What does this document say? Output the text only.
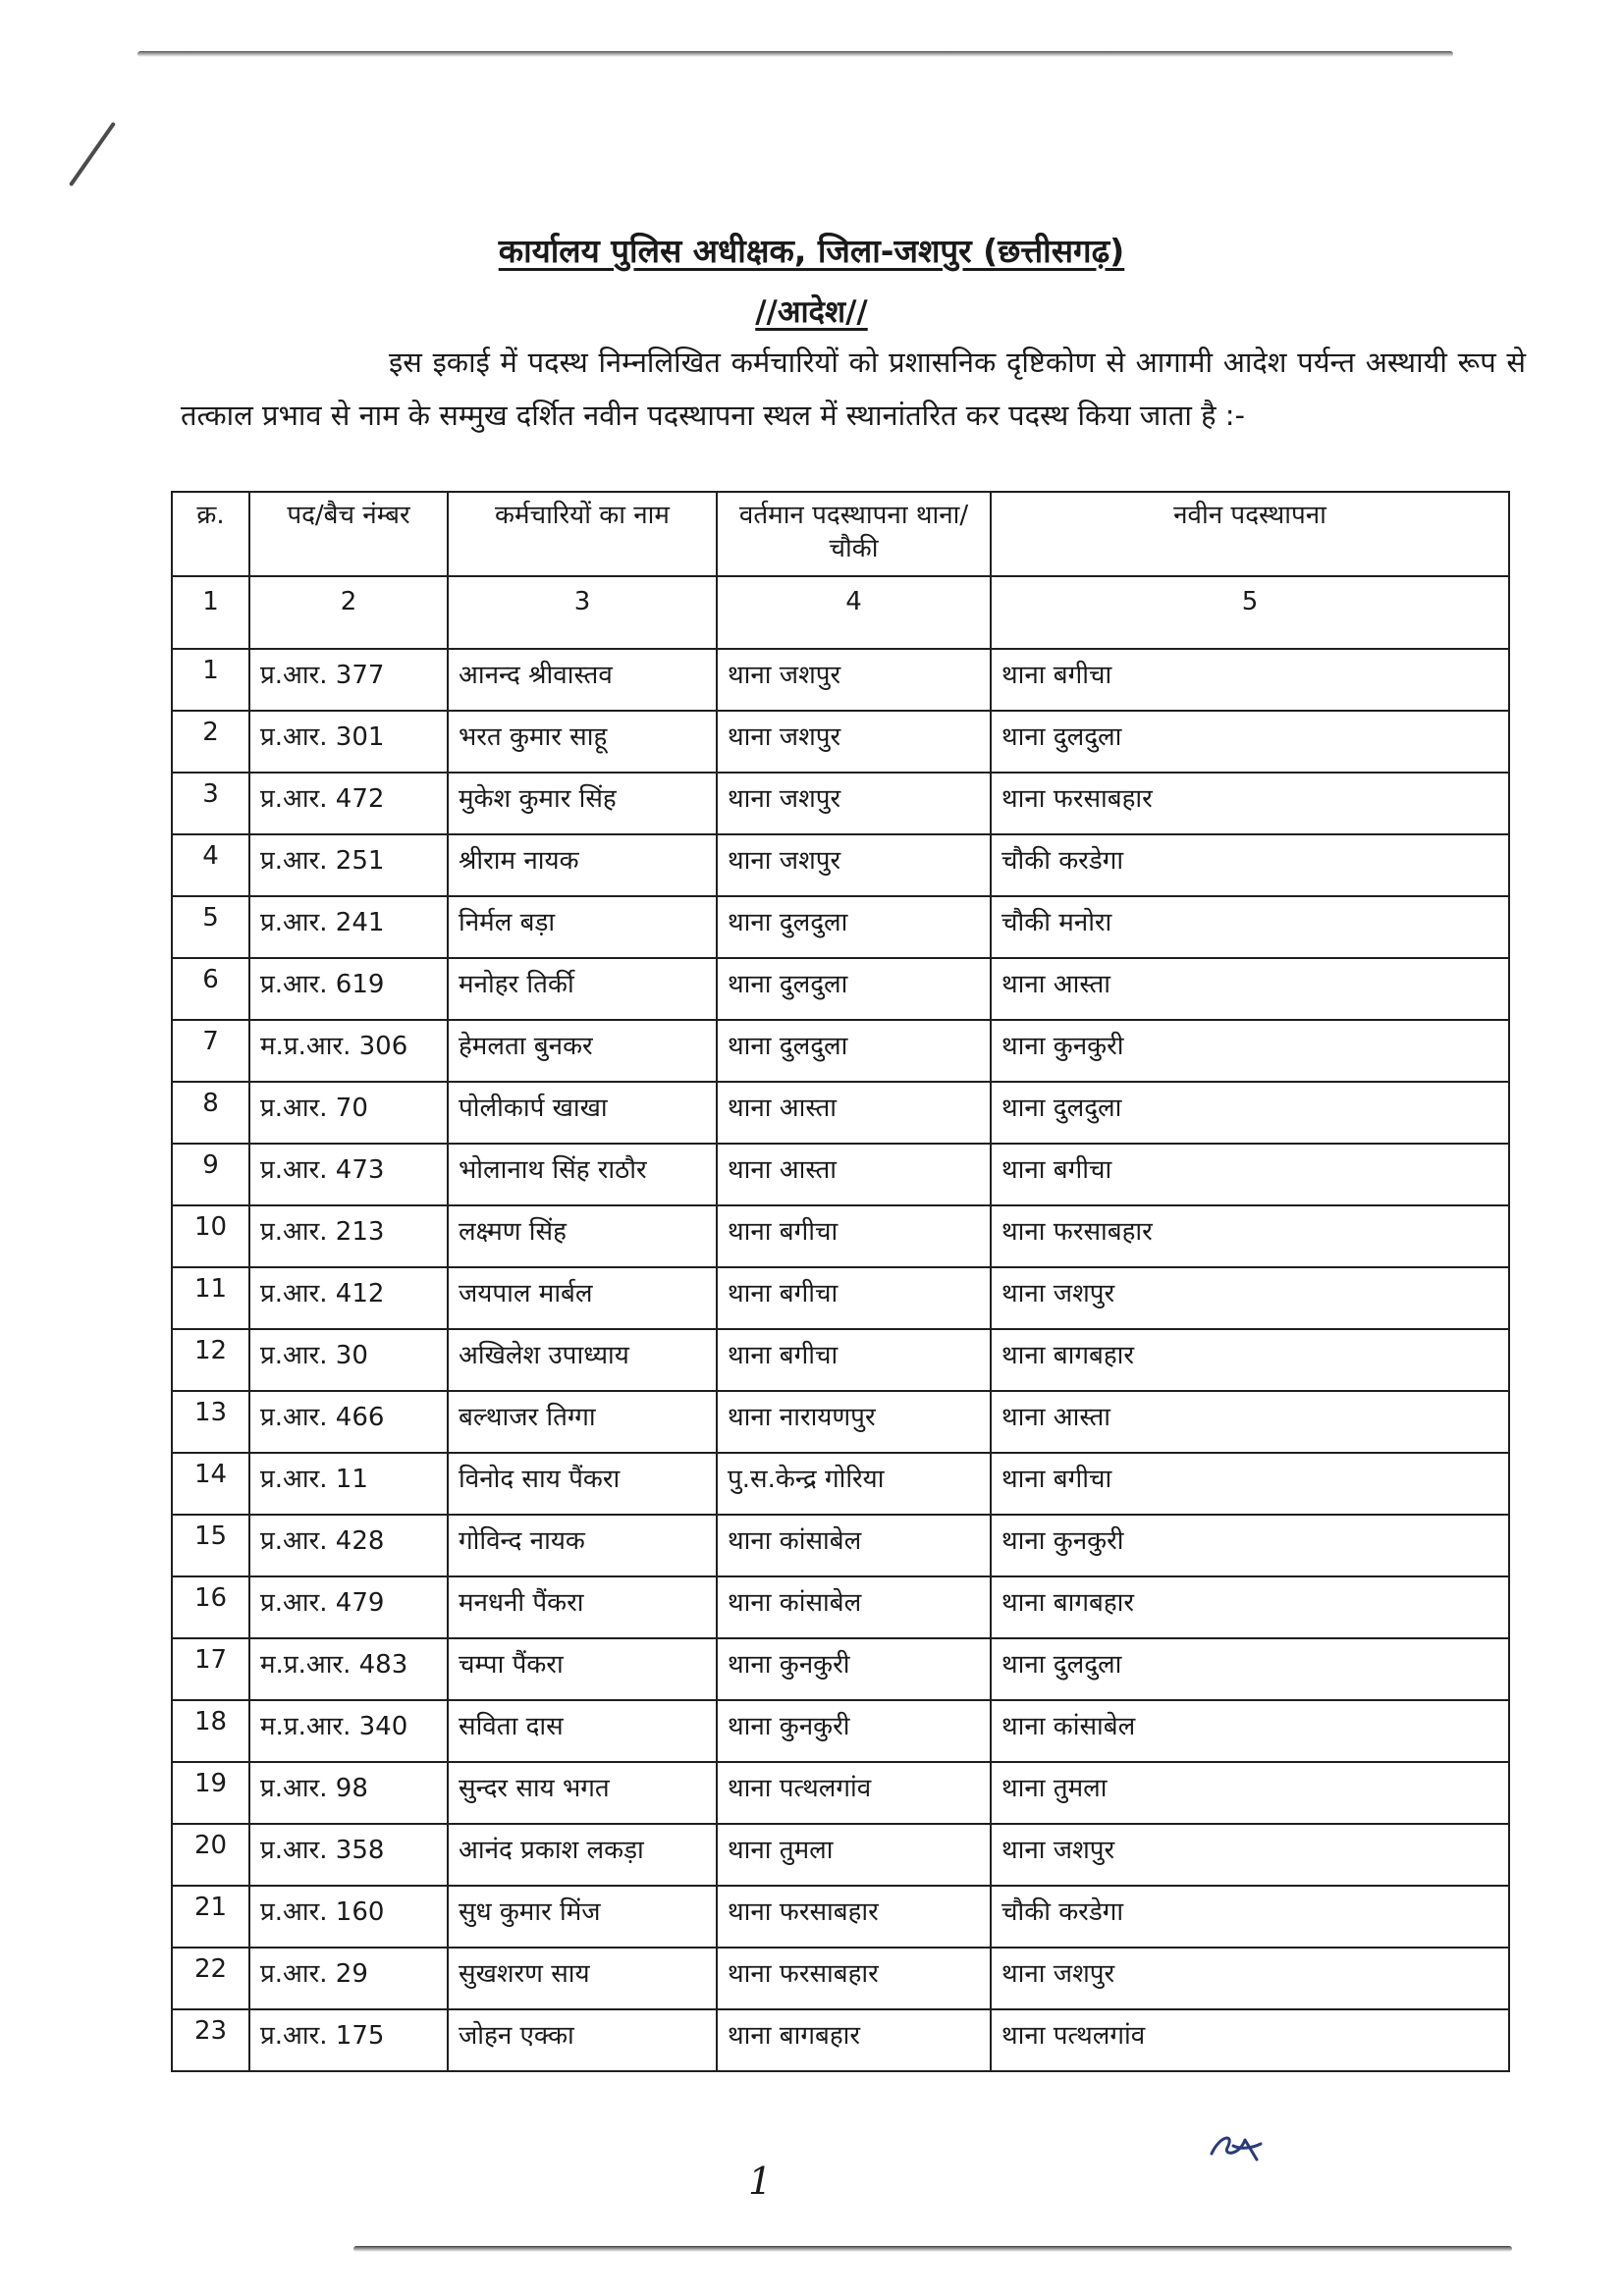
कार्यालय पुलिस अधीक्षक, जिला-जशपुर (छत्तीसगढ़)
//आदेश//
इस इकाई में पदस्थ निम्नलिखित कर्मचारियों को प्रशासनिक दृष्टिकोण से आगामी आदेश पर्यन्त अस्थायी रूप से तत्काल प्रभाव से नाम के सम्मुख दर्शित नवीन पदस्थापना स्थल में स्थानांतरित कर पदस्थ किया जाता है :-
क्र.	पद/बैच नंम्बर	कर्मचारियों का नाम	वर्तमान पदस्थापना थाना/चौकी	नवीन पदस्थापना
1	2	3	4	5
1	प्र.आर. 377	आनन्द श्रीवास्तव	थाना जशपुर	थाना बगीचा
2	प्र.आर. 301	भरत कुमार साहू	थाना जशपुर	थाना दुलदुला
3	प्र.आर. 472	मुकेश कुमार सिंह	थाना जशपुर	थाना फरसाबहार
4	प्र.आर. 251	श्रीराम नायक	थाना जशपुर	चौकी करडेगा
5	प्र.आर. 241	निर्मल बड़ा	थाना दुलदुला	चौकी मनोरा
6	प्र.आर. 619	मनोहर तिर्की	थाना दुलदुला	थाना आस्ता
7	म.प्र.आर. 306	हेमलता बुनकर	थाना दुलदुला	थाना कुनकुरी
8	प्र.आर. 70	पोलीकार्प खाखा	थाना आस्ता	थाना दुलदुला
9	प्र.आर. 473	भोलानाथ सिंह राठौर	थाना आस्ता	थाना बगीचा
10	प्र.आर. 213	लक्ष्मण सिंह	थाना बगीचा	थाना फरसाबहार
11	प्र.आर. 412	जयपाल मार्बल	थाना बगीचा	थाना जशपुर
12	प्र.आर. 30	अखिलेश उपाध्याय	थाना बगीचा	थाना बागबहार
13	प्र.आर. 466	बल्थाजर तिग्गा	थाना नारायणपुर	थाना आस्ता
14	प्र.आर. 11	विनोद साय पैंकरा	पु.स.केन्द्र गोरिया	थाना बगीचा
15	प्र.आर. 428	गोविन्द नायक	थाना कांसाबेल	थाना कुनकुरी
16	प्र.आर. 479	मनधनी पैंकरा	थाना कांसाबेल	थाना बागबहार
17	म.प्र.आर. 483	चम्पा पैंकरा	थाना कुनकुरी	थाना दुलदुला
18	म.प्र.आर. 340	सविता दास	थाना कुनकुरी	थाना कांसाबेल
19	प्र.आर. 98	सुन्दर साय भगत	थाना पत्थलगांव	थाना तुमला
20	प्र.आर. 358	आनंद प्रकाश लकड़ा	थाना तुमला	थाना जशपुर
21	प्र.आर. 160	सुध कुमार मिंज	थाना फरसाबहार	चौकी करडेगा
22	प्र.आर. 29	सुखशरण साय	थाना फरसाबहार	थाना जशपुर
23	प्र.आर. 175	जोहन एक्का	थाना बागबहार	थाना पत्थलगांव
1
